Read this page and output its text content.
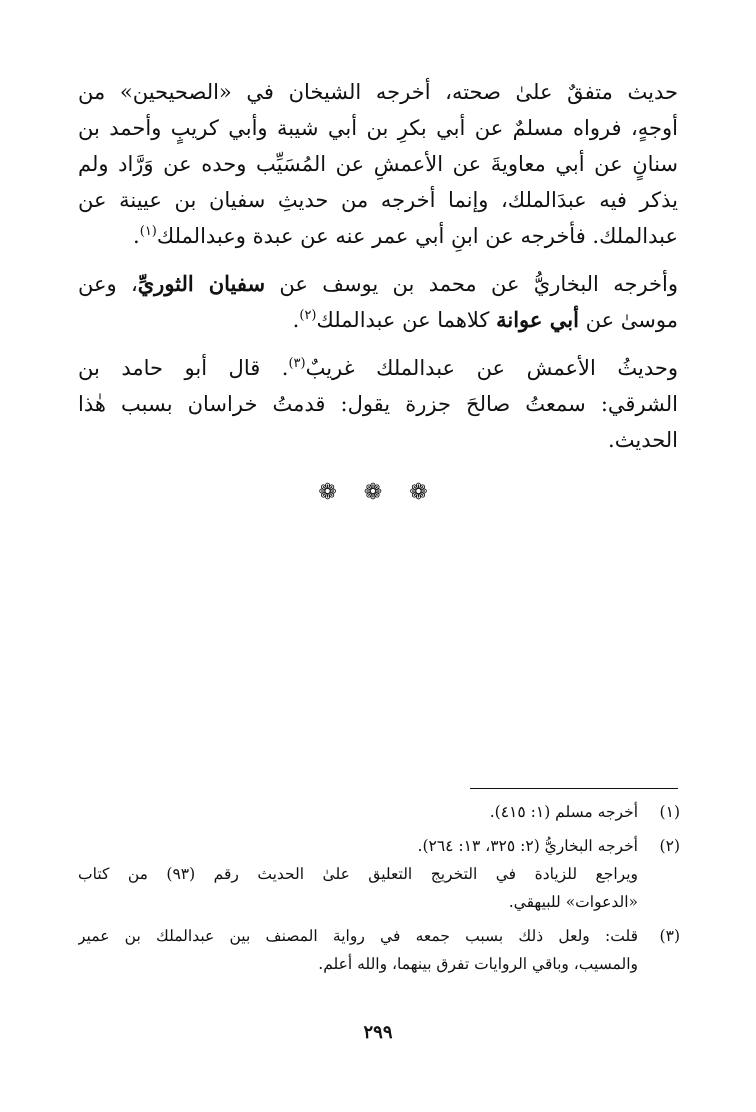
حديث متفقٌ علىٰ صحته، أخرجه الشيخان في «الصحيحين» من
أوجهٍ، فرواه مسلمٌ عن أبي بكرِ بن أبي شيبة وأبي كريبٍ وأحمد بن
سنانٍ عن أبي معاويةَ عن الأعمشِ عن المُسَيِّب وحده عن وَرَّاد ولم
يذكر فيه عبدَالملك، وإنما أخرجه من حديثِ سفيان بن عيينة عن
عبدالملك. فأخرجه عن ابنِ أبي عمر عنه عن عبدة وعبدالملك$^{(١)}$.

وأخرجه البخاريُّ عن محمد بن يوسف عن سفيان الثوريِّ، وعن
موسىٰ عن أبي عوانة كلاهما عن عبدالملك$^{(٢)}$.

وحديثُ الأعمش عن عبدالملك غريبٌ$^{(٣)}$. قال أبو حامد بن
الشرقي: سمعتُ صالحَ جزرة يقول: قدمتُ خراسان بسبب هٰذا
الحديث.

❁ ❁ ❁
(١)
أخرجه مسلم (١: ٤١٥).
(٢)
أخرجه البخاريُّ (٢: ٣٢٥، ١٣: ٢٦٤).
ويراجع للزيادة في التخريج التعليق علىٰ الحديث رقم (٩٣) من كتاب
«الدعوات» للبيهقي.
(٣)
قلت: ولعل ذلك بسبب جمعه في رواية المصنف بين عبدالملك بن عمير
والمسيب، وباقي الروايات تفرق بينهما، والله أعلم.
٢٩٩
